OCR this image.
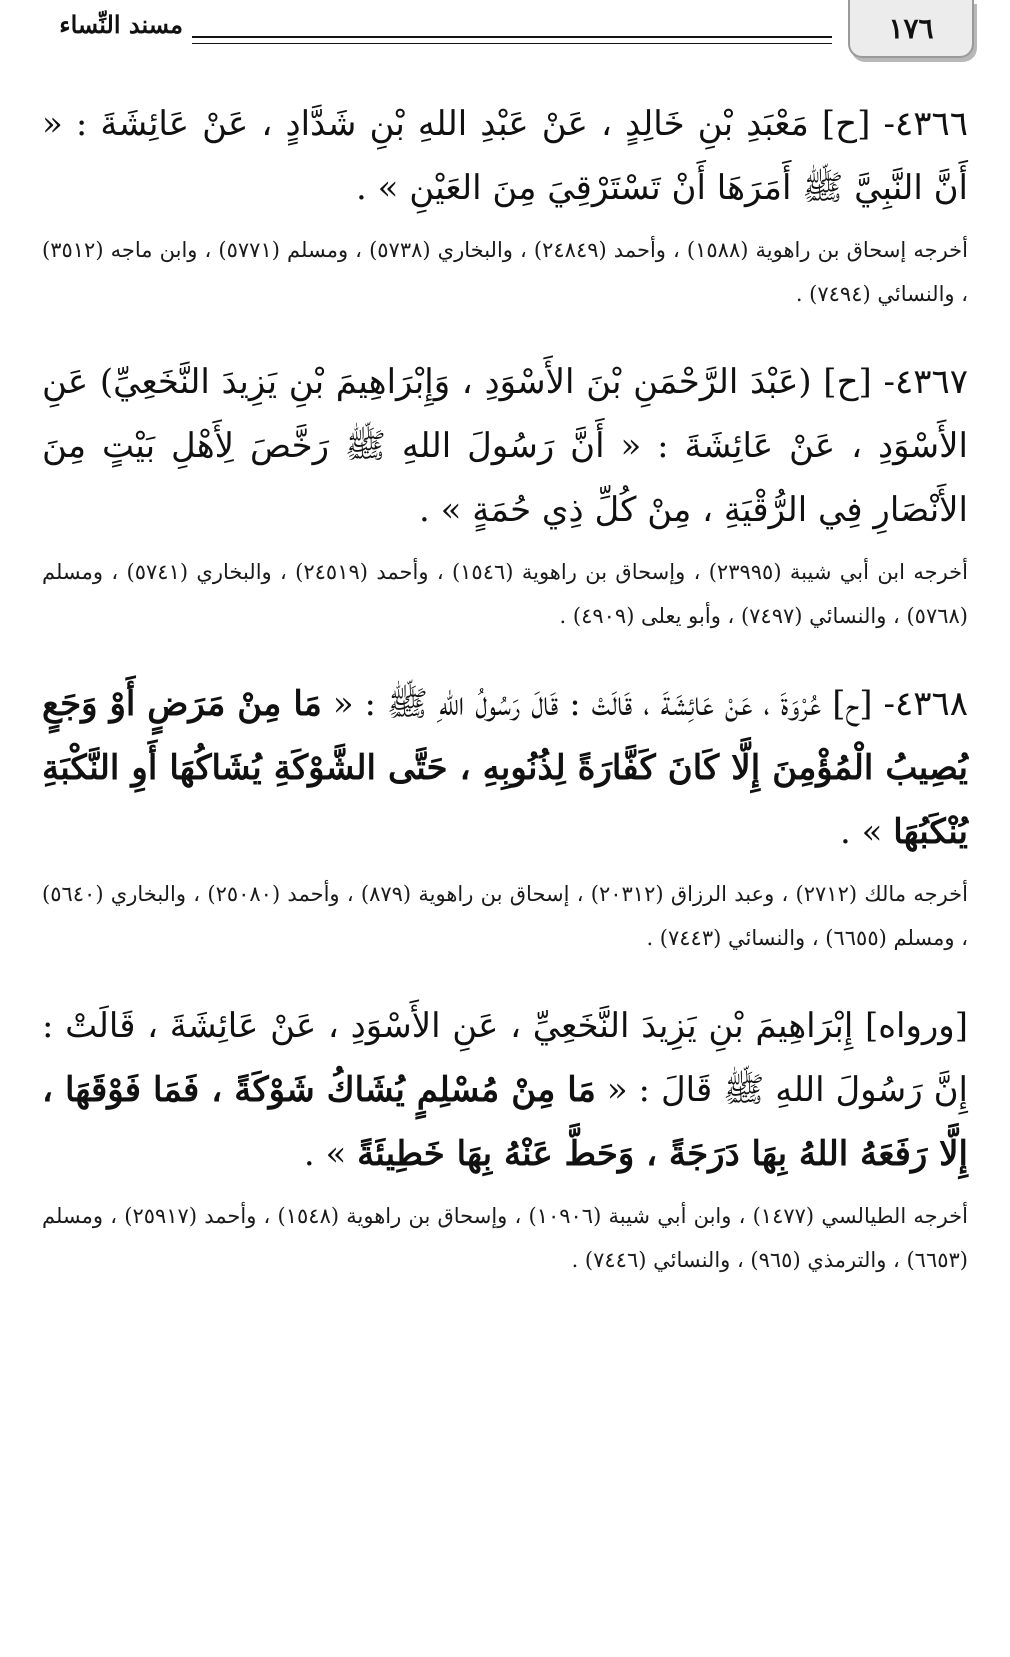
١٧٦
مسند النِّساء

٤٣٦٦- [ح] مَعْبَدِ بْنِ خَالِدٍ ، عَنْ عَبْدِ اللهِ بْنِ شَدَّادٍ ، عَنْ عَائِشَةَ : « أَنَّ النَّبِيَّ ﷺ أَمَرَهَا أَنْ تَسْتَرْقِيَ مِنَ العَيْنِ » .

أخرجه إسحاق بن راهوية (١٥٨٨) ، وأحمد (٢٤٨٤٩) ، والبخاري (٥٧٣٨) ، ومسلم (٥٧٧١) ، وابن ماجه (٣٥١٢) ، والنسائي (٧٤٩٤) .

٤٣٦٧- [ح] (عَبْدَ الرَّحْمَنِ بْنَ الأَسْوَدِ ، وَإِبْرَاهِيمَ بْنِ يَزِيدَ النَّخَعِيِّ) عَنِ الأَسْوَدِ ، عَنْ عَائِشَةَ : « أَنَّ رَسُولَ اللهِ ﷺ رَخَّصَ لِأَهْلِ بَيْتٍ مِنَ الأَنْصَارِ فِي الرُّقْيَةِ ، مِنْ كُلِّ ذِي حُمَةٍ » .

أخرجه ابن أبي شيبة (٢٣٩٩٥) ، وإسحاق بن راهوية (١٥٤٦) ، وأحمد (٢٤٥١٩) ، والبخاري (٥٧٤١) ، ومسلم (٥٧٦٨) ، والنسائي (٧٤٩٧) ، وأبو يعلى (٤٩٠٩) .

٤٣٦٨- [ح] عُرْوَةَ ، عَنْ عَائِشَةَ ، قَالَتْ : قَالَ رَسُولُ اللهِ ﷺ : « مَا مِنْ مَرَضٍ أَوْ وَجَعٍ يُصِيبُ الْمُؤْمِنَ إِلَّا كَانَ كَفَّارَةً لِذُنُوبِهِ ، حَتَّى الشَّوْكَةِ يُشَاكُهَا أَوِ النَّكْبَةِ يُنْكَبُهَا » .

أخرجه مالك (٢٧١٢) ، وعبد الرزاق (٢٠٣١٢) ، إسحاق بن راهوية (٨٧٩) ، وأحمد (٢٥٠٨٠) ، والبخاري (٥٦٤٠) ، ومسلم (٦٦٥٥) ، والنسائي (٧٤٤٣) .

[ورواه] إِبْرَاهِيمَ بْنِ يَزِيدَ النَّخَعِيِّ ، عَنِ الأَسْوَدِ ، عَنْ عَائِشَةَ ، قَالَتْ : إِنَّ رَسُولَ اللهِ ﷺ قَالَ : « مَا مِنْ مُسْلِمٍ يُشَاكُ شَوْكَةً ، فَمَا فَوْقَهَا ، إِلَّا رَفَعَهُ اللهُ بِهَا دَرَجَةً ، وَحَطَّ عَنْهُ بِهَا خَطِيئَةً » .

أخرجه الطيالسي (١٤٧٧) ، وابن أبي شيبة (١٠٩٠٦) ، وإسحاق بن راهوية (١٥٤٨) ، وأحمد (٢٥٩١٧) ، ومسلم (٦٦٥٣) ، والترمذي (٩٦٥) ، والنسائي (٧٤٤٦) .
